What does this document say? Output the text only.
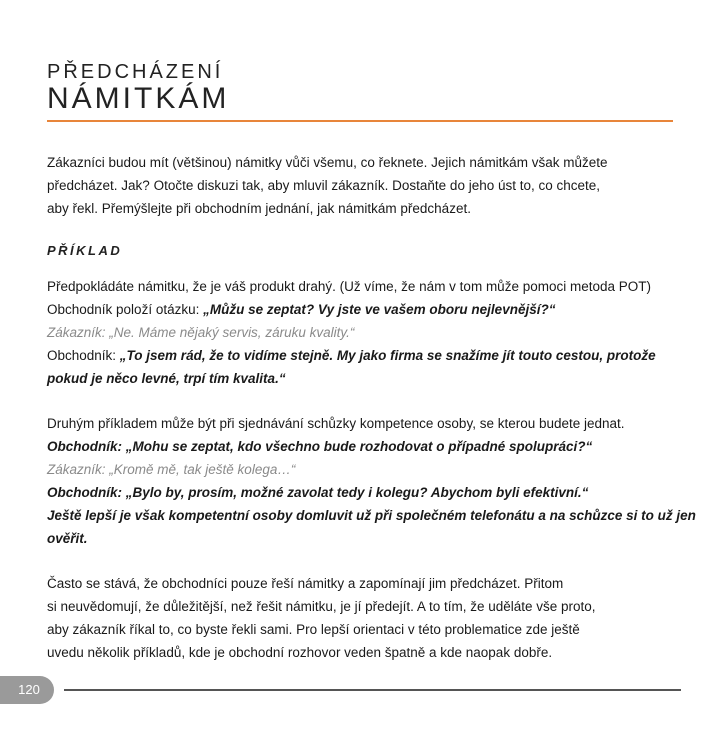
PŘEDCHÁZENÍ
NÁMITKÁM
Zákazníci budou mít (většinou) námitky vůči všemu, co řeknete. Jejich námitkám však můžete
předcházet. Jak? Otočte diskuzi tak, aby mluvil zákazník. Dostaňte do jeho úst to, co chcete,
aby řekl. Přemýšlejte při obchodním jednání, jak námitkám předcházet.
PŘÍKLAD
Předpokládáte námitku, že je váš produkt drahý. (Už víme, že nám v tom může pomoci metoda POT)
Obchodník položí otázku: „Můžu se zeptat? Vy jste ve vašem oboru nejlevnější?“
Zákazník: „Ne. Máme nějaký servis, záruku kvality.“
Obchodník: „To jsem rád, že to vidíme stejně. My jako firma se snažíme jít touto cestou, protože
pokud je něco levné, trpí tím kvalita.“
Druhým příkladem může být při sjednávání schůzky kompetence osoby, se kterou budete jednat.
Obchodník: „Mohu se zeptat, kdo všechno bude rozhodovat o případné spolupráci?“
Zákazník: „Kromě mě, tak ještě kolega…“
Obchodník: „Bylo by, prosím, možné zavolat tedy i kolegu? Abychom byli efektivní.“
Ještě lepší je však kompetentní osoby domluvit už při společném telefonátu a na schůzce si to už jen
ověřit.
Často se stává, že obchodníci pouze řeší námitky a zapomínají jim předcházet. Přitom
si neuvědomují, že důležitější, než řešit námitku, je jí předejít. A to tím, že uděláte vše proto,
aby zákazník říkal to, co byste řekli sami. Pro lepší orientaci v této problematice zde ještě
uvedu několik příkladů, kde je obchodní rozhovor veden špatně a kde naopak dobře.
120
